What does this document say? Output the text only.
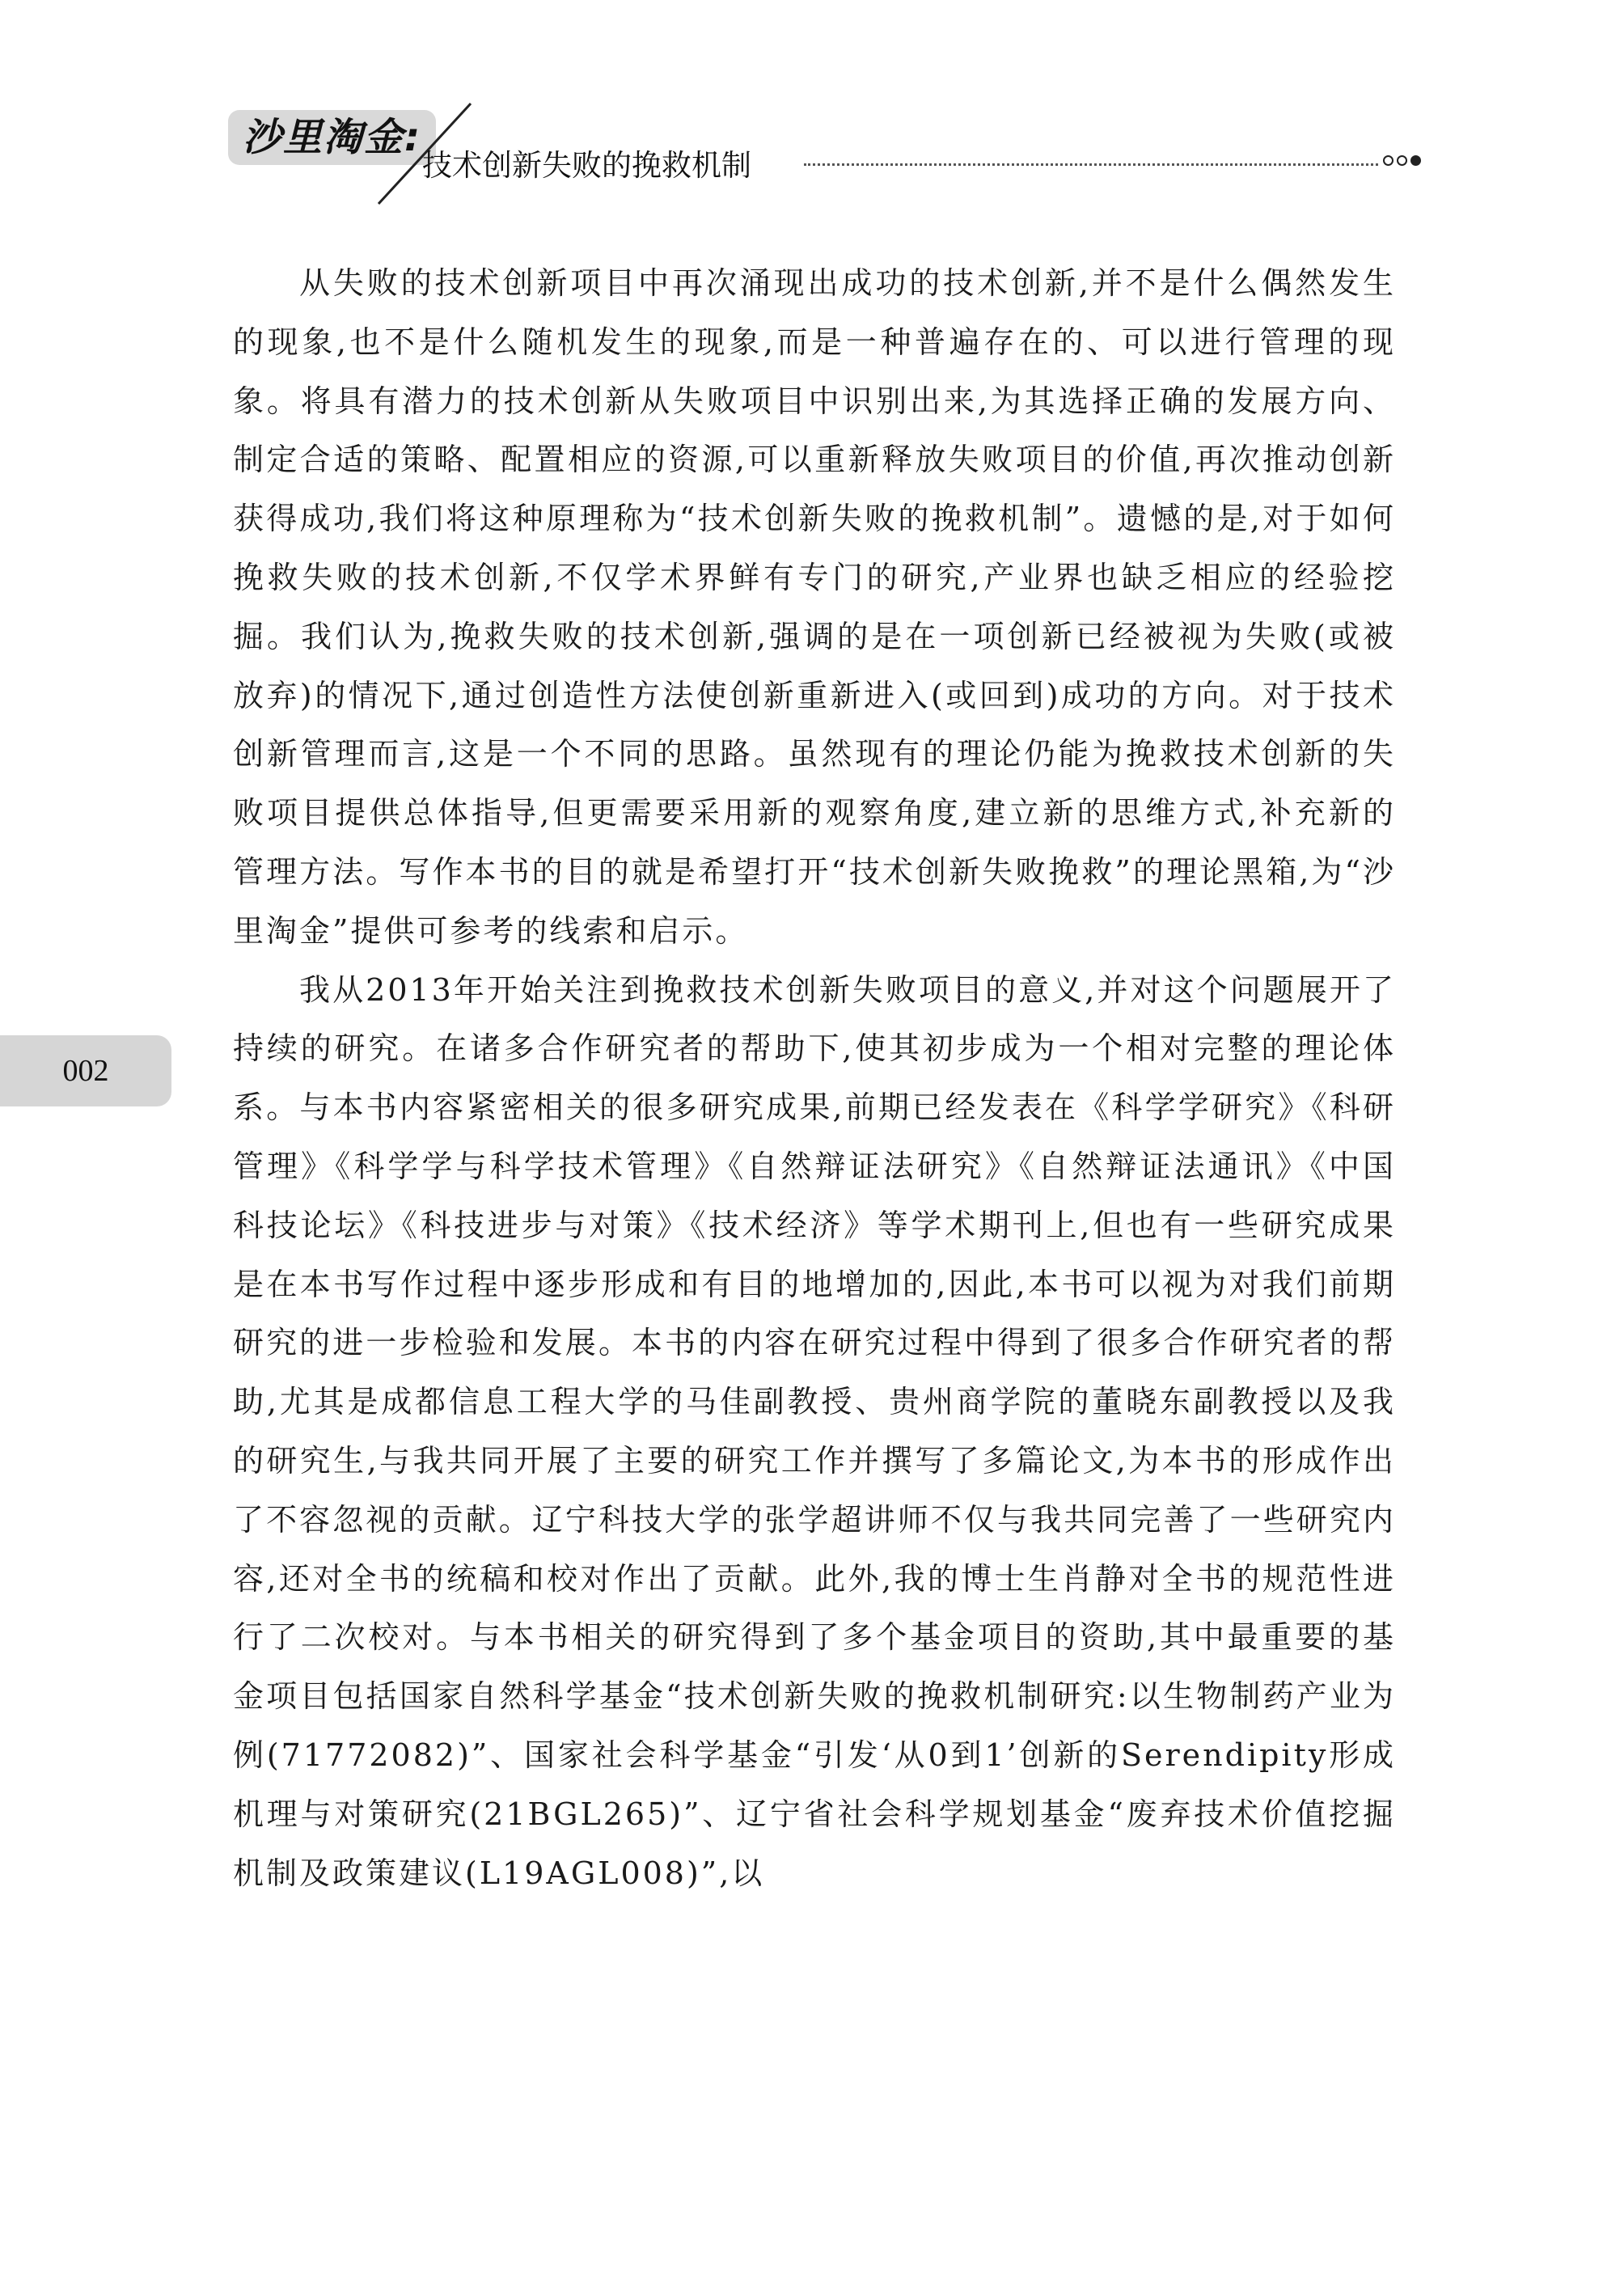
沙里淘金:
技术创新失败的挽救机制
002

从失败的技术创新项目中再次涌现出成功的技术创新,并不是什么偶然发生的现象,也不是什么随机发生的现象,而是一种普遍存在的、可以进行管理的现象。将具有潜力的技术创新从失败项目中识别出来,为其选择正确的发展方向、制定合适的策略、配置相应的资源,可以重新释放失败项目的价值,再次推动创新获得成功,我们将这种原理称为“技术创新失败的挽救机制”。遗憾的是,对于如何挽救失败的技术创新,不仅学术界鲜有专门的研究,产业界也缺乏相应的经验挖掘。我们认为,挽救失败的技术创新,强调的是在一项创新已经被视为失败(或被放弃)的情况下,通过创造性方法使创新重新进入(或回到)成功的方向。对于技术创新管理而言,这是一个不同的思路。虽然现有的理论仍能为挽救技术创新的失败项目提供总体指导,但更需要采用新的观察角度,建立新的思维方式,补充新的管理方法。写作本书的目的就是希望打开“技术创新失败挽救”的理论黑箱,为“沙里淘金”提供可参考的线索和启示。

我从2013年开始关注到挽救技术创新失败项目的意义,并对这个问题展开了持续的研究。在诸多合作研究者的帮助下,使其初步成为一个相对完整的理论体系。与本书内容紧密相关的很多研究成果,前期已经发表在《科学学研究》《科研管理》《科学学与科学技术管理》《自然辩证法研究》《自然辩证法通讯》《中国科技论坛》《科技进步与对策》《技术经济》等学术期刊上,但也有一些研究成果是在本书写作过程中逐步形成和有目的地增加的,因此,本书可以视为对我们前期研究的进一步检验和发展。本书的内容在研究过程中得到了很多合作研究者的帮助,尤其是成都信息工程大学的马佳副教授、贵州商学院的董晓东副教授以及我的研究生,与我共同开展了主要的研究工作并撰写了多篇论文,为本书的形成作出了不容忽视的贡献。辽宁科技大学的张学超讲师不仅与我共同完善了一些研究内容,还对全书的统稿和校对作出了贡献。此外,我的博士生肖静对全书的规范性进行了二次校对。与本书相关的研究得到了多个基金项目的资助,其中最重要的基金项目包括国家自然科学基金“技术创新失败的挽救机制研究:以生物制药产业为例(71772082)”、国家社会科学基金“引发‘从0到1’创新的Serendipity形成机理与对策研究(21BGL265)”、辽宁省社会科学规划基金“废弃技术价值挖掘机制及政策建议(L19AGL008)”,以
